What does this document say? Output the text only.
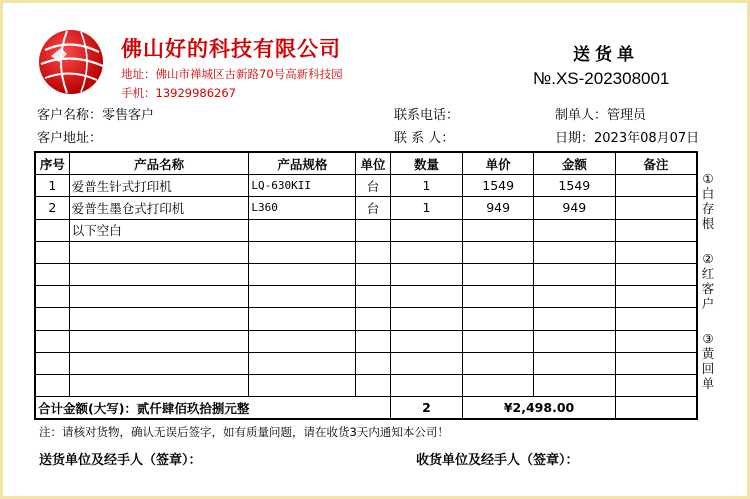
佛山好的科技有限公司
地址：佛山市禅城区古新路70号高新科技园
手机：13929986267
送货单
№.XS-202308001
客户名称：零售客户
客户地址：
联系电话：
联 系 人：
制单人：管理员
日期：2023年08月07日
序号	产品名称	产品规格	单位	数量	单价	金额	备注
1	爱普生针式打印机	LQ-630KII	台	1	1549	1549	
2	爱普生墨仓式打印机	L360	台	1	949	949	
	以下空白						

合计金额(大写)：贰仟肆佰玖拾捌元整				2	¥2,498.00		
①
白
存
根
②
红
客
户
③
黄
回
单
注：请核对货物，确认无误后签字，如有质量问题，请在收货3天内通知本公司！
送货单位及经手人（签章）：	收货单位及经手人（签章）：
